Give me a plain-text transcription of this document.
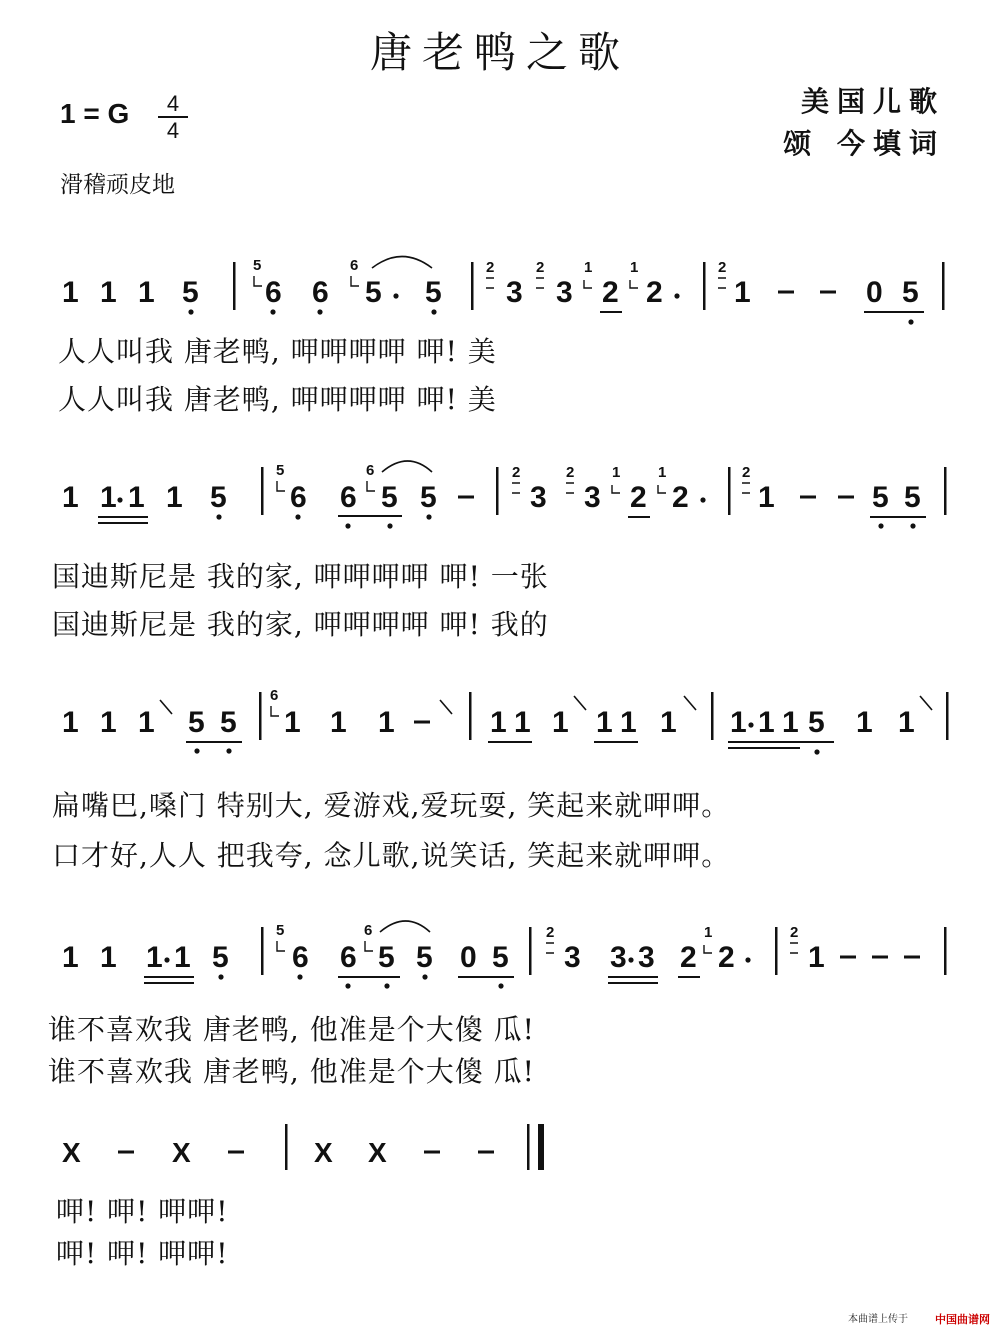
唐老鸭之歌
美国儿歌
颂 今填词
1 = G	4
4
滑稽顽皮地
1 1 1 5
5
6 6
6
5 5
2
3
2
3
1
2
1
2
2
1	0 5
1 1 1 1 5
5
6 6
6
5 5
2
3
2
3
1
2
1
2
2
1	5 5
1 1 1 5 5
6
1 1 1	1 1 1 1 1 1 1 1 1 5 1 1
1 1 1 1 5
5
6 6
6
5 5 0 5
2
3 3 3 2
1
2
2
1
X	X	X X
人人叫我 唐老鸭, 呷呷呷呷 呷! 美
人人叫我 唐老鸭, 呷呷呷呷 呷! 美
国迪斯尼是 我的家, 呷呷呷呷 呷! 一张
国迪斯尼是 我的家, 呷呷呷呷 呷! 我的
扁嘴巴,嗓门 特别大, 爱游戏,爱玩耍, 笑起来就呷呷。
口才好,人人 把我夸, 念儿歌,说笑话, 笑起来就呷呷。
谁不喜欢我 唐老鸭, 他准是个大傻 瓜!
谁不喜欢我 唐老鸭, 他准是个大傻 瓜!
呷! 呷! 呷呷!
呷! 呷! 呷呷!
本曲谱上传于 中国曲谱网
